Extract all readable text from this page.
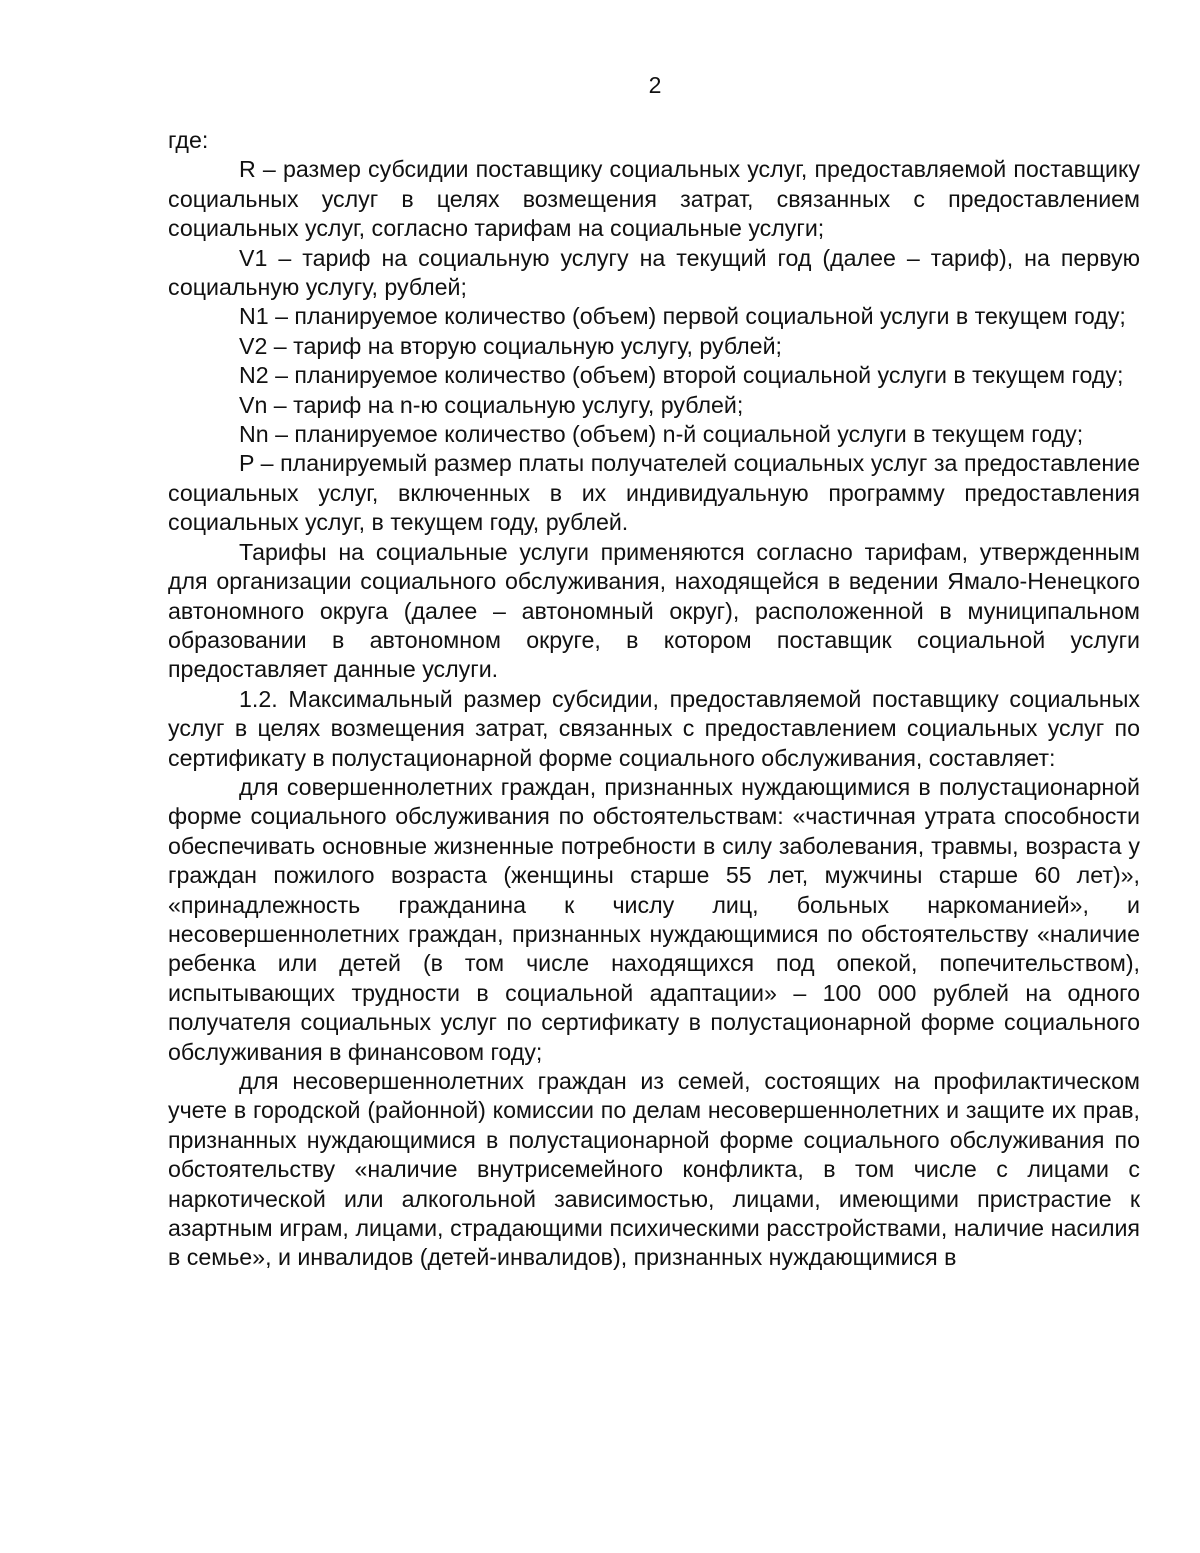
2

где:

R – размер субсидии поставщику социальных услуг, предоставляемой поставщику социальных услуг в целях возмещения затрат, связанных с предоставлением социальных услуг, согласно тарифам на социальные услуги;

V1 – тариф на социальную услугу на текущий год (далее – тариф), на первую социальную услугу, рублей;

N1 – планируемое количество (объем) первой социальной услуги в текущем году;

V2 – тариф на вторую социальную услугу, рублей;

N2 – планируемое количество (объем) второй социальной услуги в текущем году;

Vn – тариф на n-ю социальную услугу, рублей;

Nn – планируемое количество (объем) n-й социальной услуги в текущем году;

P – планируемый размер платы получателей социальных услуг за предоставление социальных услуг, включенных в их индивидуальную программу предоставления социальных услуг, в текущем году, рублей.

Тарифы на социальные услуги применяются согласно тарифам, утвержденным для организации социального обслуживания, находящейся в ведении Ямало-Ненецкого автономного округа (далее – автономный округ), расположенной в муниципальном образовании в автономном округе, в котором поставщик социальной услуги предоставляет данные услуги.

1.2. Максимальный размер субсидии, предоставляемой поставщику социальных услуг в целях возмещения затрат, связанных с предоставлением социальных услуг по сертификату в полустационарной форме социального обслуживания, составляет:

для совершеннолетних граждан, признанных нуждающимися в полустационарной форме социального обслуживания по обстоятельствам: «частичная утрата способности обеспечивать основные жизненные потребности в силу заболевания, травмы, возраста у граждан пожилого возраста (женщины старше 55 лет, мужчины старше 60 лет)», «принадлежность гражданина к числу лиц, больных наркоманией», и несовершеннолетних граждан, признанных нуждающимися по обстоятельству «наличие ребенка или детей (в том числе находящихся под опекой, попечительством), испытывающих трудности в социальной адаптации» – 100 000 рублей на одного получателя социальных услуг по сертификату в полустационарной форме социального обслуживания в финансовом году;

для несовершеннолетних граждан из семей, состоящих на профилактическом учете в городской (районной) комиссии по делам несовершеннолетних и защите их прав, признанных нуждающимися в полустационарной форме социального обслуживания по обстоятельству «наличие внутрисемейного конфликта, в том числе с лицами с наркотической или алкогольной зависимостью, лицами, имеющими пристрастие к азартным играм, лицами, страдающими психическими расстройствами, наличие насилия в семье», и инвалидов (детей-инвалидов), признанных нуждающимися в
